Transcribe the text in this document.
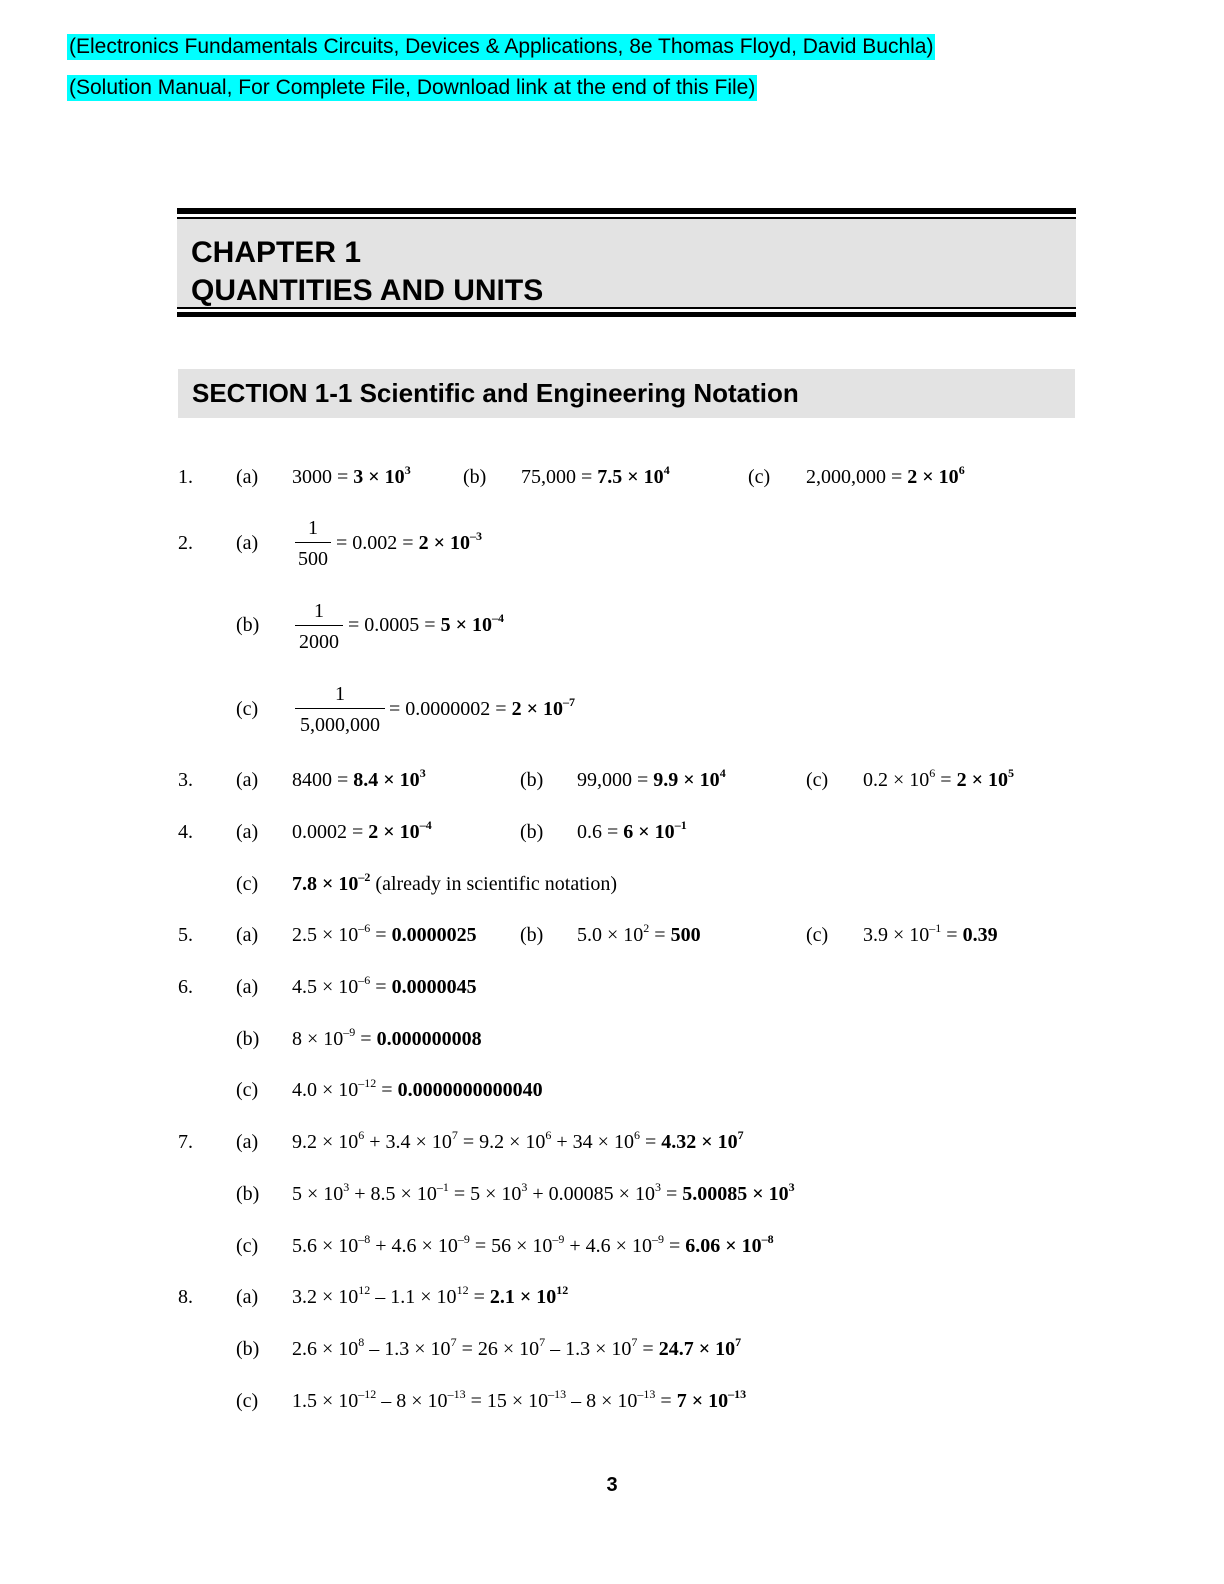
(Electronics Fundamentals Circuits, Devices & Applications, 8e Thomas Floyd, David Buchla)
(Solution Manual, For Complete File, Download link at the end of this File)
CHAPTER 1
QUANTITIES AND UNITS
SECTION 1-1 Scientific and Engineering Notation
1. (a) $3000 = 3 \times 10^3$	(b) $75,000 = 7.5 \times 10^4$	(c) $2,000,000 = 2 \times 10^6$
2. $(a) \frac{1}{500} = 0.002 = 2 \times 10^{-3}$
$(b) \frac{1}{2000} = 0.0005 = 5 \times 10^{-4}$
$(c) \frac{1}{5,000,000} = 0.0000002 = 2 \times 10^{-7}$
3. (a) $8400 = 8.4 \times 10^3$	(b) $99,000 = 9.9 \times 10^4$	(c) $0.2 \times 10^6 = 2 \times 10^5$
4. (a) $0.0002 = 2 \times 10^{-4}$	(b) $0.6 = 6 \times 10^{-1}$
(c) $7.8 \times 10^{-2}$ (already in scientific notation)
5. (a) $2.5 \times 10^{-6} = 0.0000025$ (b) $5.0 \times 10^2 = 500$	(c) $3.9 \times 10^{-1} = 0.39$
6. (a) $4.5 \times 10^{-6} = 0.0000045$
(b) $8 \times 10^{-9} = 0.000000008$
(c) $4.0 \times 10^{-12} = 0.0000000000040$
7. (a) $9.2 \times 10^6 + 3.4 \times 10^7 = 9.2 \times 10^6 + 34 \times 10^6 = 4.32 \times 10^7$
(b) $5 \times 10^3 + 8.5 \times 10^{-1} = 5 \times 10^3 + 0.00085 \times 10^3 = 5.00085 \times 10^3$
(c) $5.6 \times 10^{-8} + 4.6 \times 10^{-9} = 56 \times 10^{-9} + 4.6 \times 10^{-9} = 6.06 \times 10^{-8}$
8. (a) $3.2 \times 10^{12} - 1.1 \times 10^{12} = 2.1 \times 10^{12}$
(b) $2.6 \times 10^8 - 1.3 \times 10^7 = 26 \times 10^7 - 1.3 \times 10^7 = 24.7 \times 10^7$
(c) $1.5 \times 10^{-12} - 8 \times 10^{-13} = 15 \times 10^{-13} - 8 \times 10^{-13} = 7 \times 10^{-13}$
3
